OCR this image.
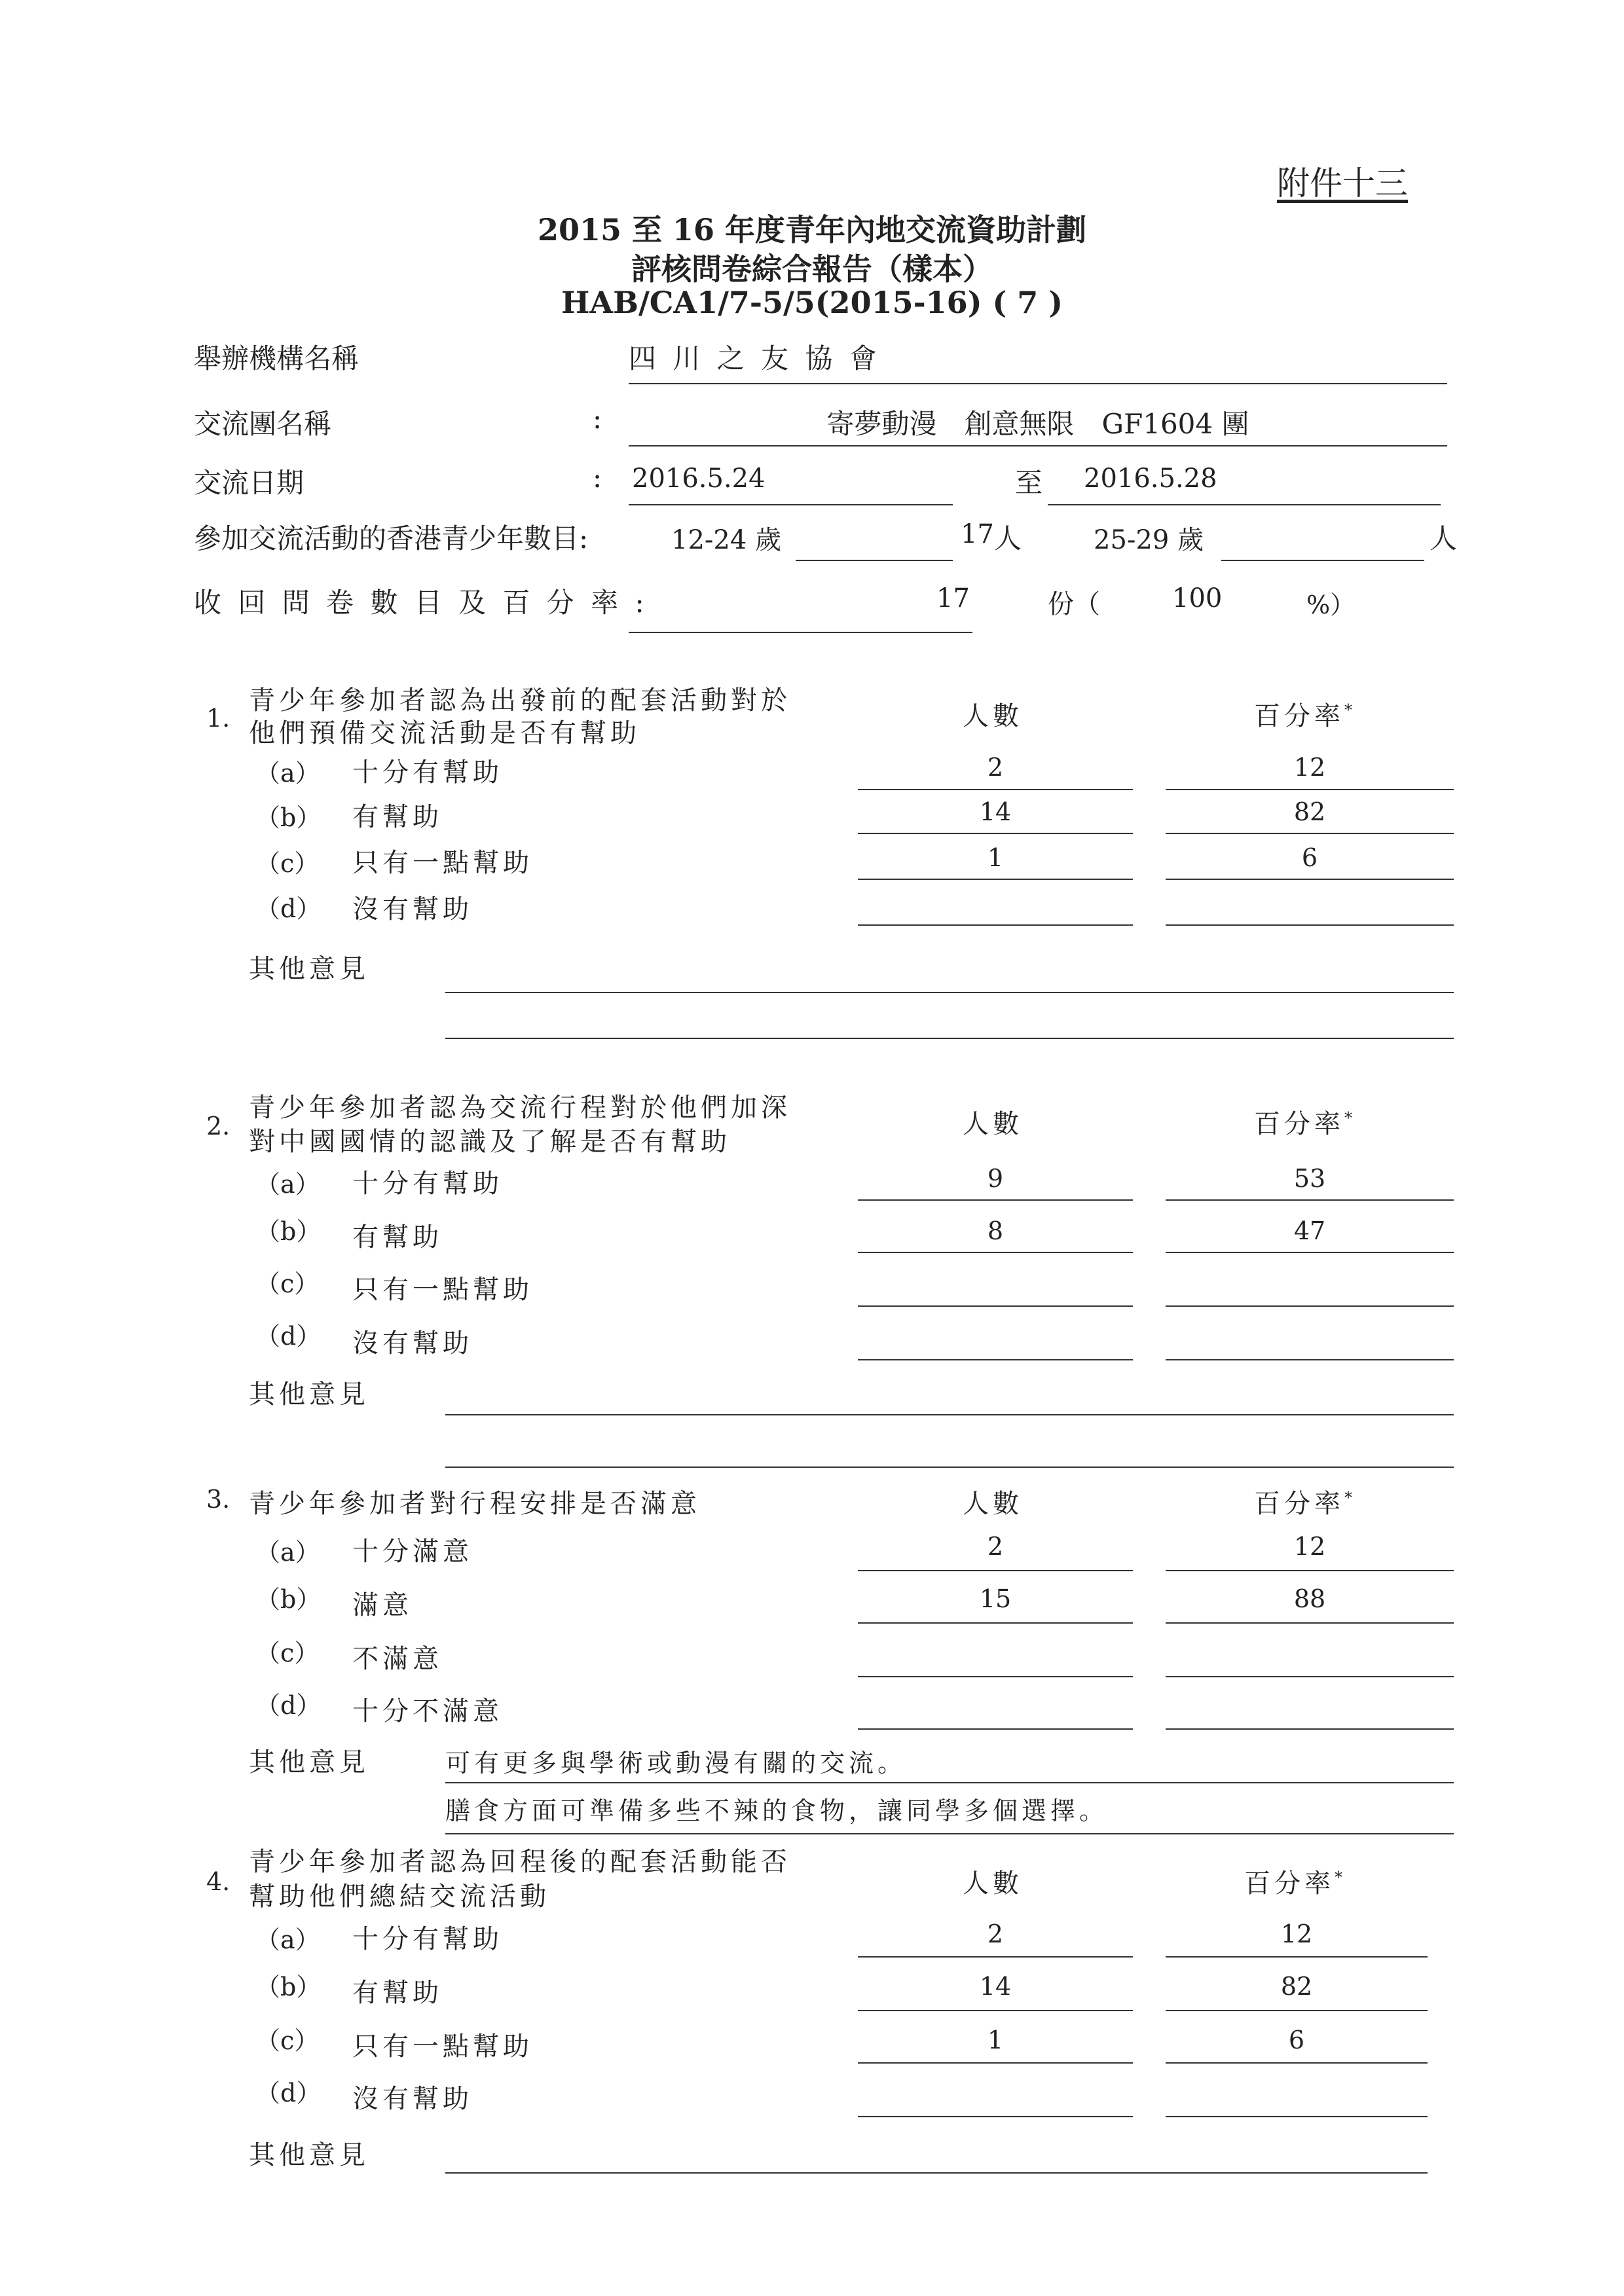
附件十三
2015 至 16 年度青年內地交流資助計劃
評核問卷綜合報告（樣本）
HAB/CA1/7-5/5(2015-16) ( 7 )
舉辦機構名稱	四 川 之 友 協 會
交流團名稱	:	寄夢動漫　創意無限　GF1604 團
交流日期	: 2016.5.24	至 2016.5.28
參加交流活動的香港青少年數目:	12-24 歲	17 人	25-29 歲	人
收 回 問 卷 數 目 及 百 分 率 :	17	份（	100	%）
1.
青少年參加者認為出發前的配套活動對於
他們預備交流活動是否有幫助
人數	百分率*
（a） 十分有幫助	2	12
（b） 有幫助	14	82
（c） 只有一點幫助	1	6
（d） 沒有幫助
其他意見
2.
青少年參加者認為交流行程對於他們加深
對中國國情的認識及了解是否有幫助
人數	百分率*
（a） 十分有幫助	9	53
（b） 有幫助	8	47
（c） 只有一點幫助
（d） 沒有幫助
其他意見
3. 青少年參加者對行程安排是否滿意	人數	百分率*
（a） 十分滿意	2	12
（b） 滿意	15	88
（c） 不滿意
（d） 十分不滿意
其他意見	可有更多與學術或動漫有關的交流。
膳食方面可準備多些不辣的食物，讓同學多個選擇。
4.
青少年參加者認為回程後的配套活動能否
幫助他們總結交流活動	人數	百分率*
（a） 十分有幫助	2	12
（b） 有幫助	14	82
（c） 只有一點幫助	1	6
（d） 沒有幫助
其他意見
